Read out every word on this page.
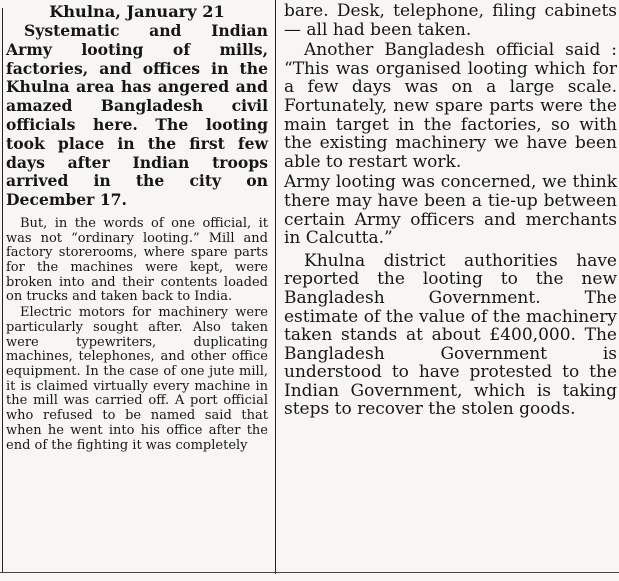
Khulna, January 21

Systematic and Indian Army looting of mills, factories, and offices in the Khulna area has angered and amazed Bangladesh civil officials here. The looting took place in the first few days after Indian troops arrived in the city on December 17.

But, in the words of one official, it was not “ordinary looting.” Mill and factory storerooms, where spare parts for the machines were kept, were broken into and their contents loaded on trucks and taken back to India.

Electric motors for machinery were particularly sought after. Also taken were typewriters, duplicating machines, telephones, and other office equipment. In the case of one jute mill, it is claimed virtually every machine in the mill was carried off. A port official who refused to be named said that when he went into his office after the end of the fighting it was completely

bare. Desk, telephone, filing cabinets — all had been taken.

Another Bangladesh official said : “This was organised looting which for a few days was on a large scale. Fortunately, new spare parts were the main target in the factories, so with the existing machinery we have been able to restart work.

Army looting was concerned, we think there may have been a tie-up between certain Army officers and merchants in Calcutta.”

Khulna district authorities have reported the looting to the new Bangladesh Government. The estimate of the value of the machinery taken stands at about £400,000. The Bangladesh Government is understood to have protested to the Indian Government, which is taking steps to recover the stolen goods.
